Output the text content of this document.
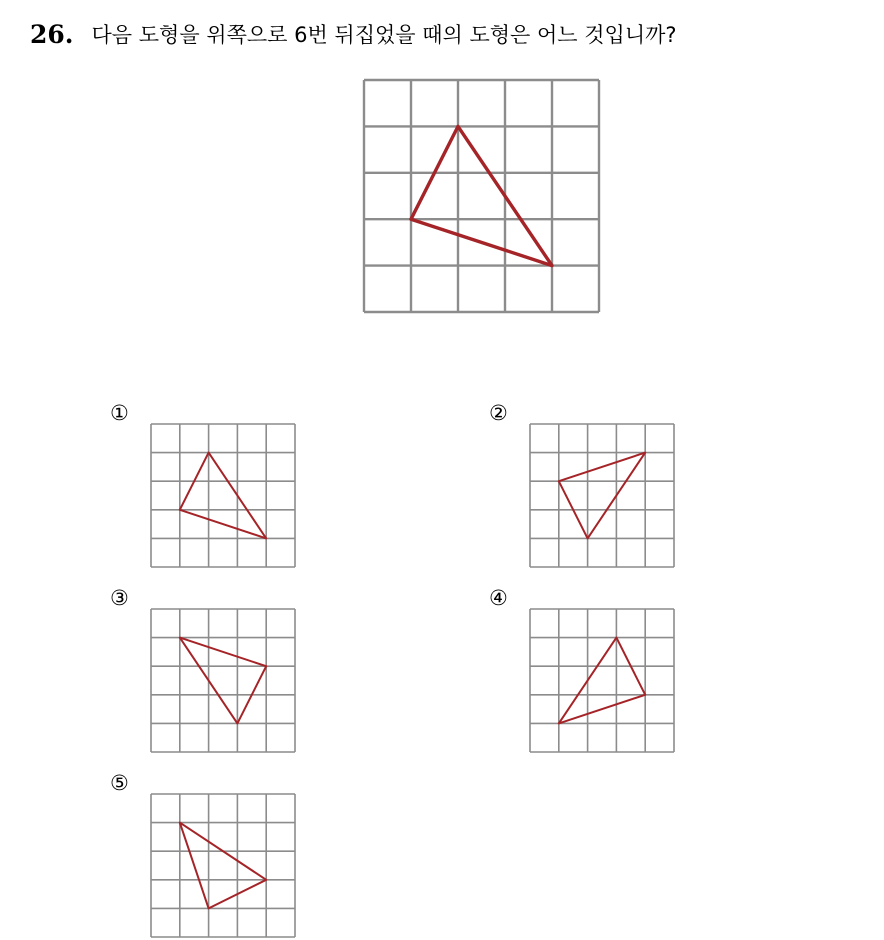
26. 다음 도형을 위쪽으로 6번 뒤집었을 때의 도형은 어느 것입니까?
①	②
③	④
⑤
